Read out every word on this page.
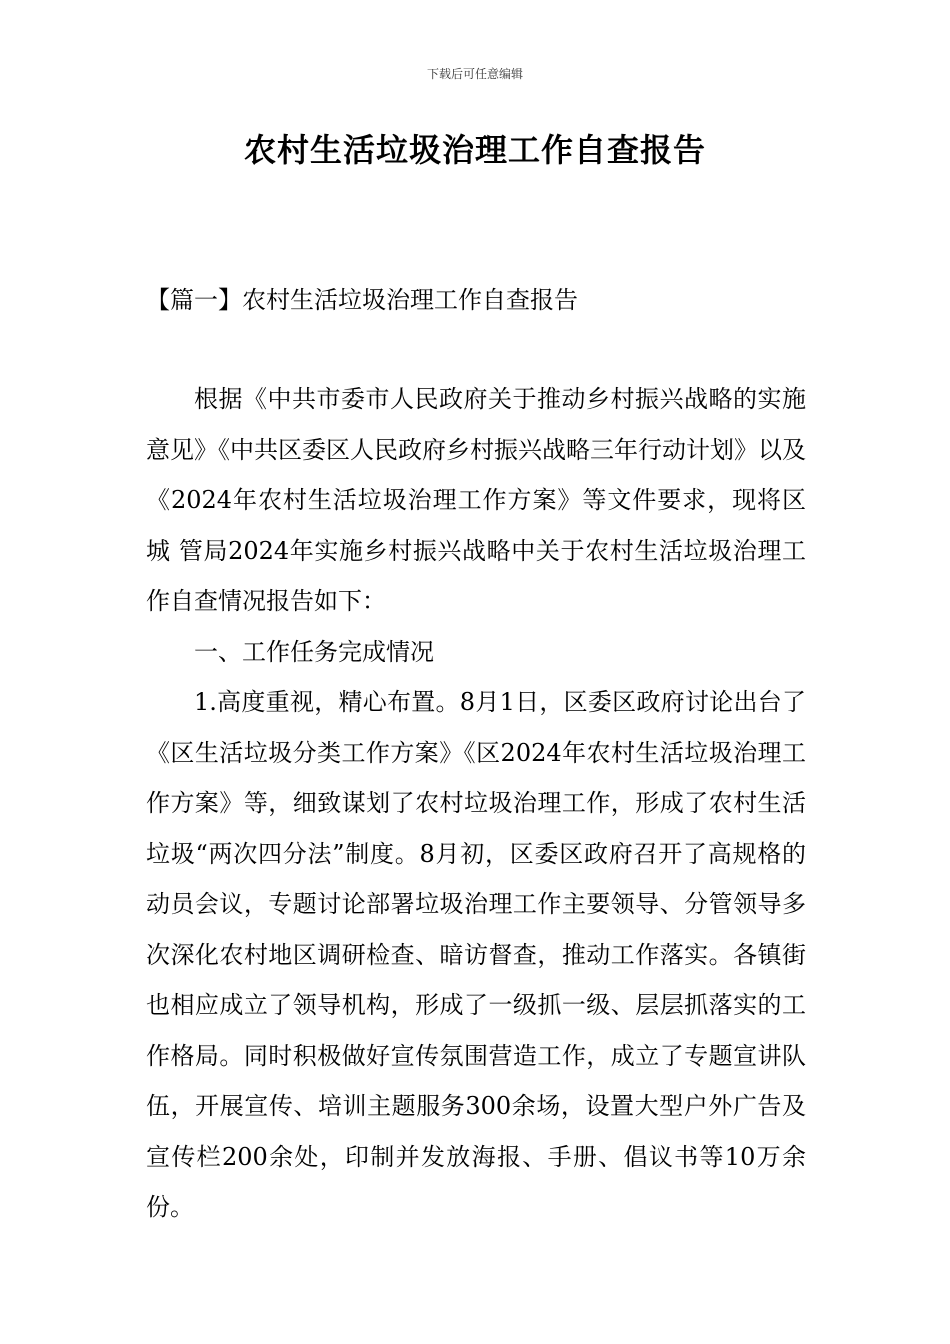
下载后可任意编辑
农村生活垃圾治理工作自查报告
【篇一】农村生活垃圾治理工作自查报告

根据《中共市委市人民政府关于推动乡村振兴战略的实施意见》《中共区委区人民政府乡村振兴战略三年行动计划》以及《2024年农村生活垃圾治理工作方案》等文件要求，现将区城 管局2024年实施乡村振兴战略中关于农村生活垃圾治理工作自查情况报告如下：

一、工作任务完成情况

1.高度重视，精心布置。8月1日，区委区政府讨论出台了《区生活垃圾分类工作方案》《区2024年农村生活垃圾治理工作方案》等，细致谋划了农村垃圾治理工作，形成了农村生活垃圾“两次四分法”制度。8月初，区委区政府召开了高规格的动员会议，专题讨论部署垃圾治理工作主要领导、分管领导多次深化农村地区调研检查、暗访督查，推动工作落实。各镇街也相应成立了领导机构，形成了一级抓一级、层层抓落实的工作格局。同时积极做好宣传氛围营造工作，成立了专题宣讲队伍，开展宣传、培训主题服务300余场，设置大型户外广告及宣传栏200余处，印制并发放海报、手册、倡议书等10万余份。
